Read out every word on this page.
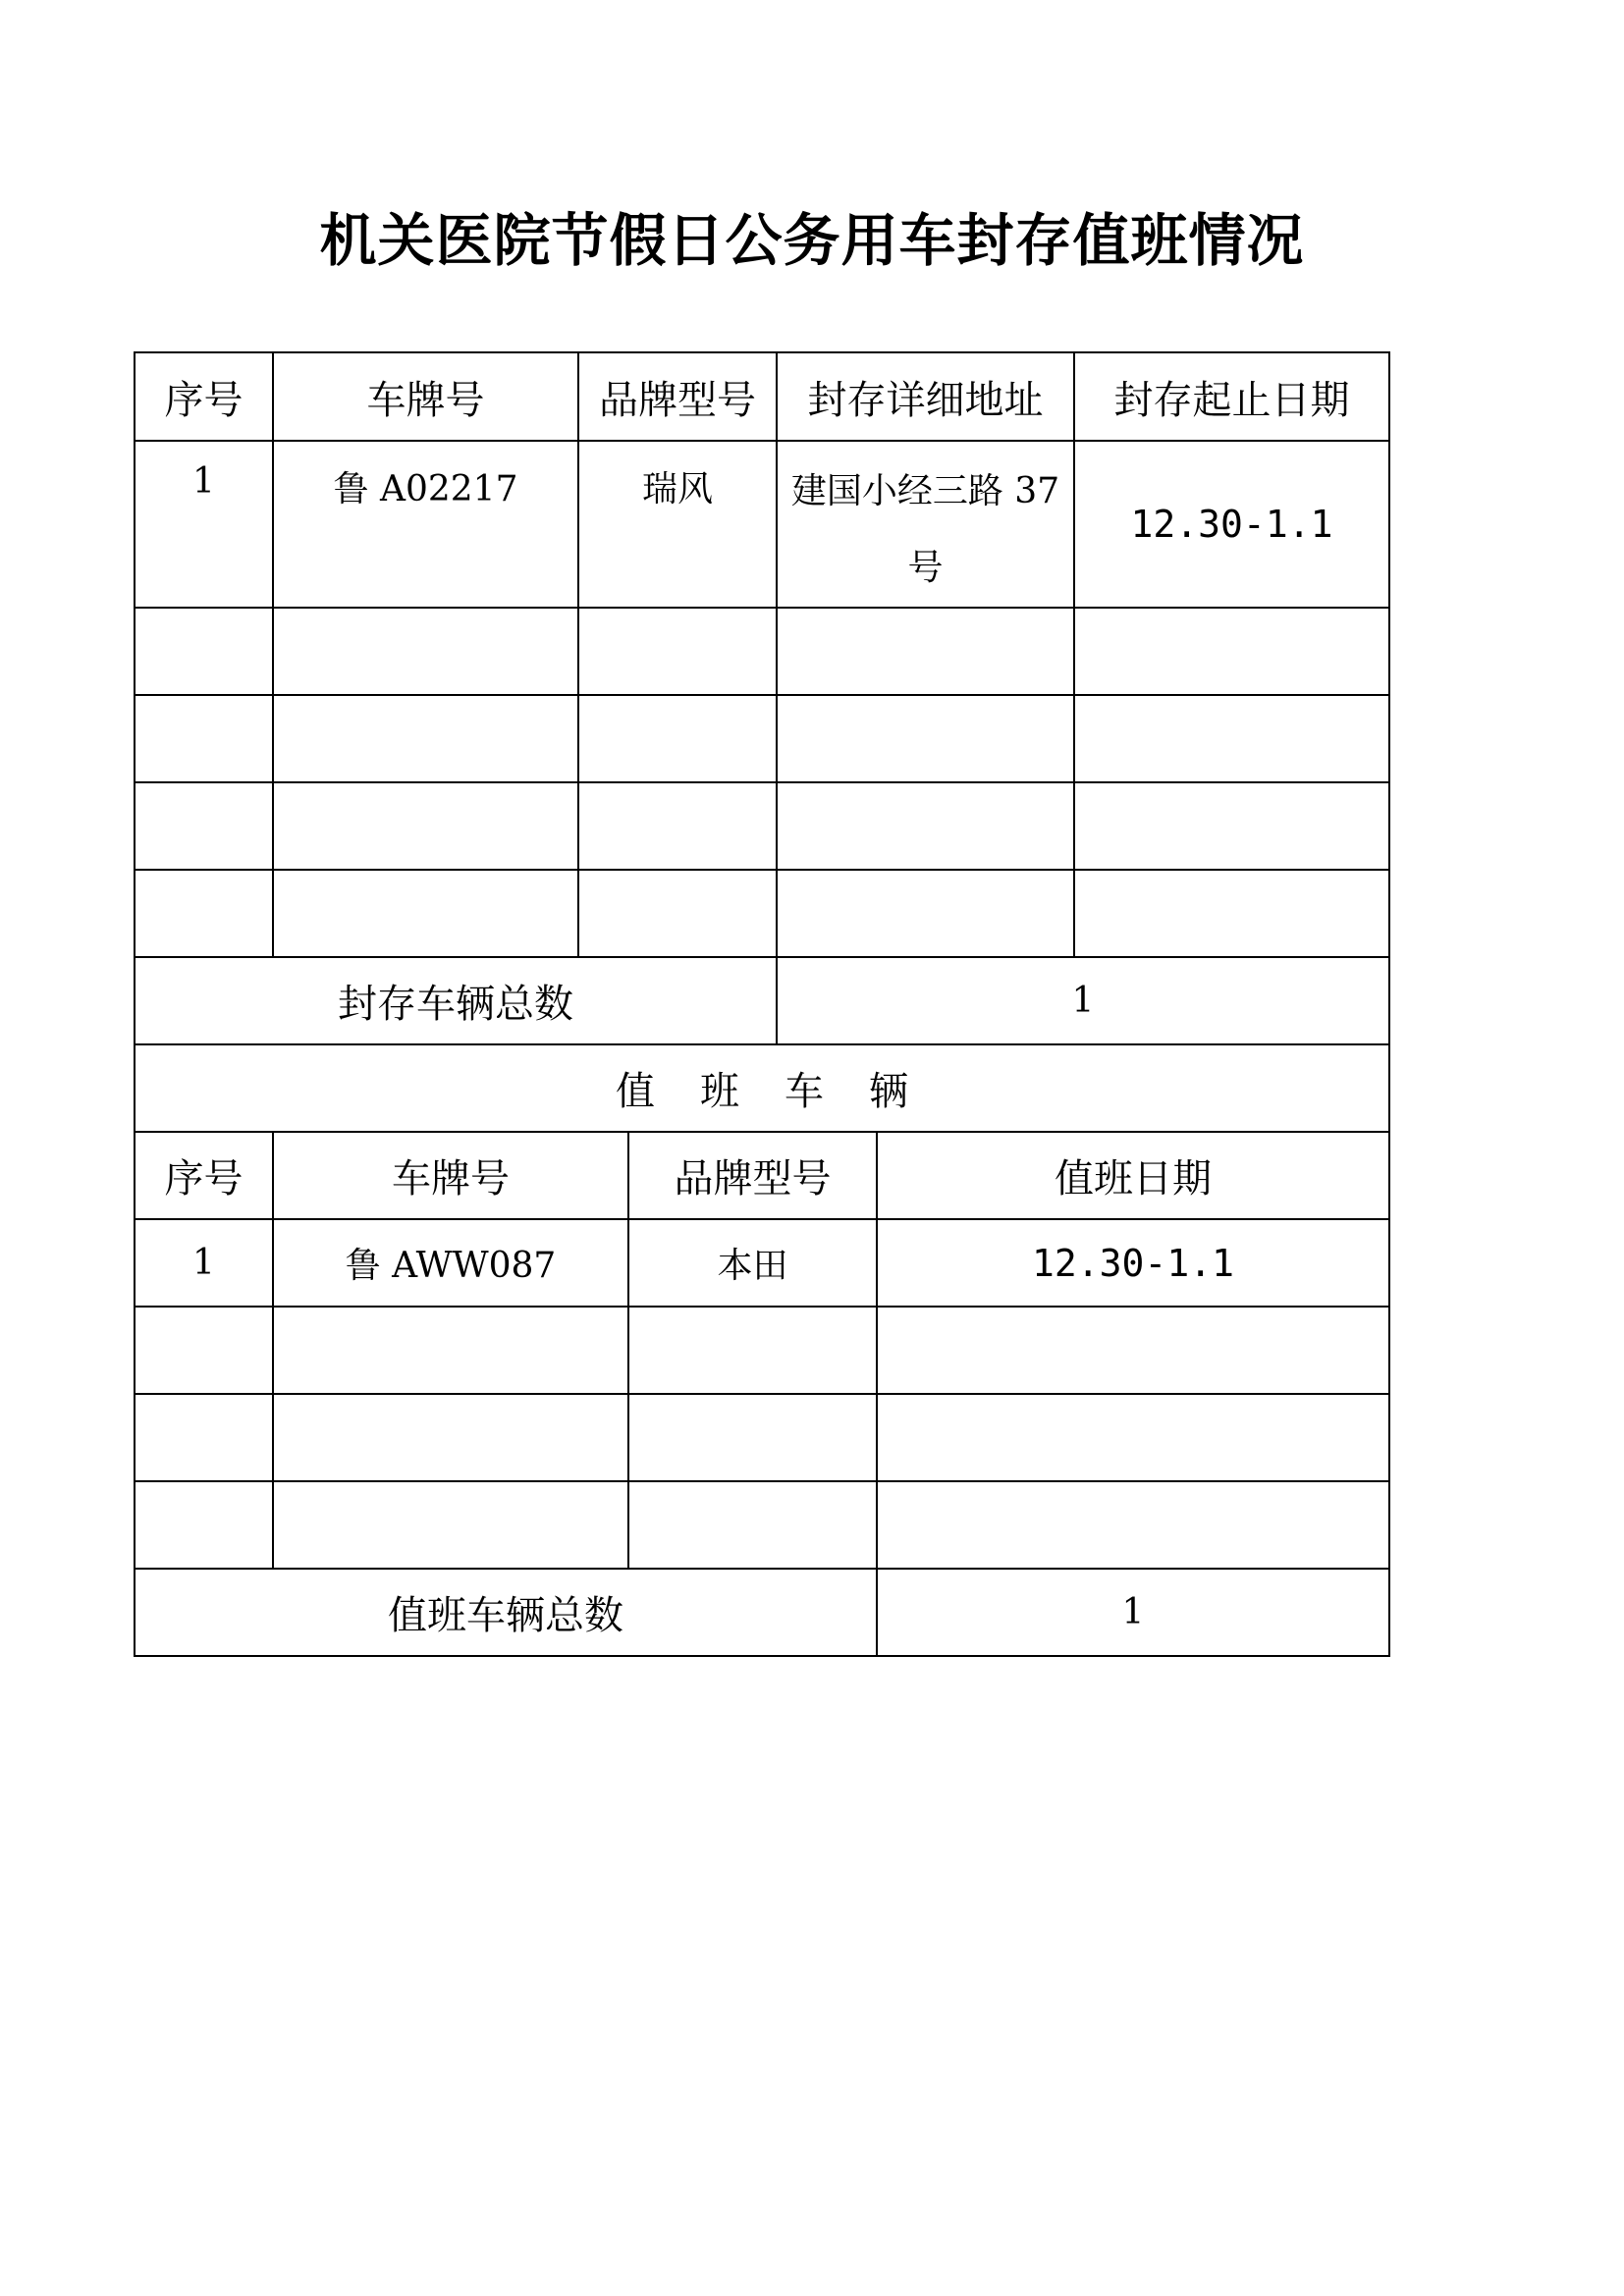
机关医院节假日公务用车封存值班情况
序号	车牌号	品牌型号		封存详细地址		封存起止日期
1	鲁 A02217	瑞风		建国小经三路 37 号		12.30-1.1

封存车辆总数				1		
值班车辆						
序号	车牌号		品牌型号		值班日期	
1	鲁 AWW087		本田		12.30-1.1	

值班车辆总数					1	
